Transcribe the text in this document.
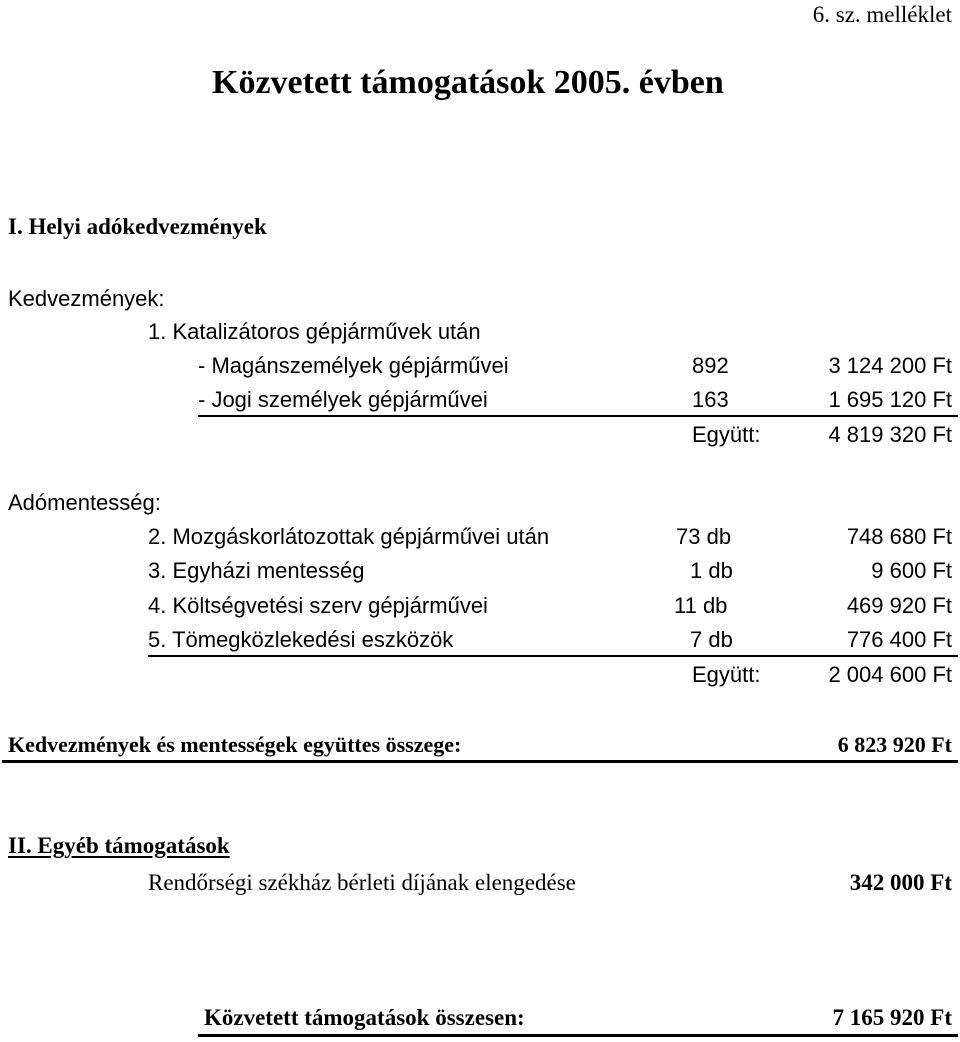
6. sz. melléklet
Közvetett támogatások 2005. évben
I. Helyi adókedvezmények
Kedvezmények:
1. Katalizátoros gépjárművek után
- Magánszemélyek gépjárművei	892	3 124 200 Ft
- Jogi személyek gépjárművei	163	1 695 120 Ft
Együtt:	4 819 320 Ft
Adómentesség:
2. Mozgáskorlátozottak gépjárművei után	73 db	748 680 Ft
3. Egyházi mentesség	1 db	9 600 Ft
4. Költségvetési szerv gépjárművei	11 db	469 920 Ft
5. Tömegközlekedési eszközök	7 db	776 400 Ft
Együtt:	2 004 600 Ft
Kedvezmények és mentességek együttes összege:	6 823 920 Ft
II. Egyéb támogatások
Rendőrségi székház bérleti díjának elengedése	342 000 Ft
Közvetett támogatások összesen:	7 165 920 Ft
